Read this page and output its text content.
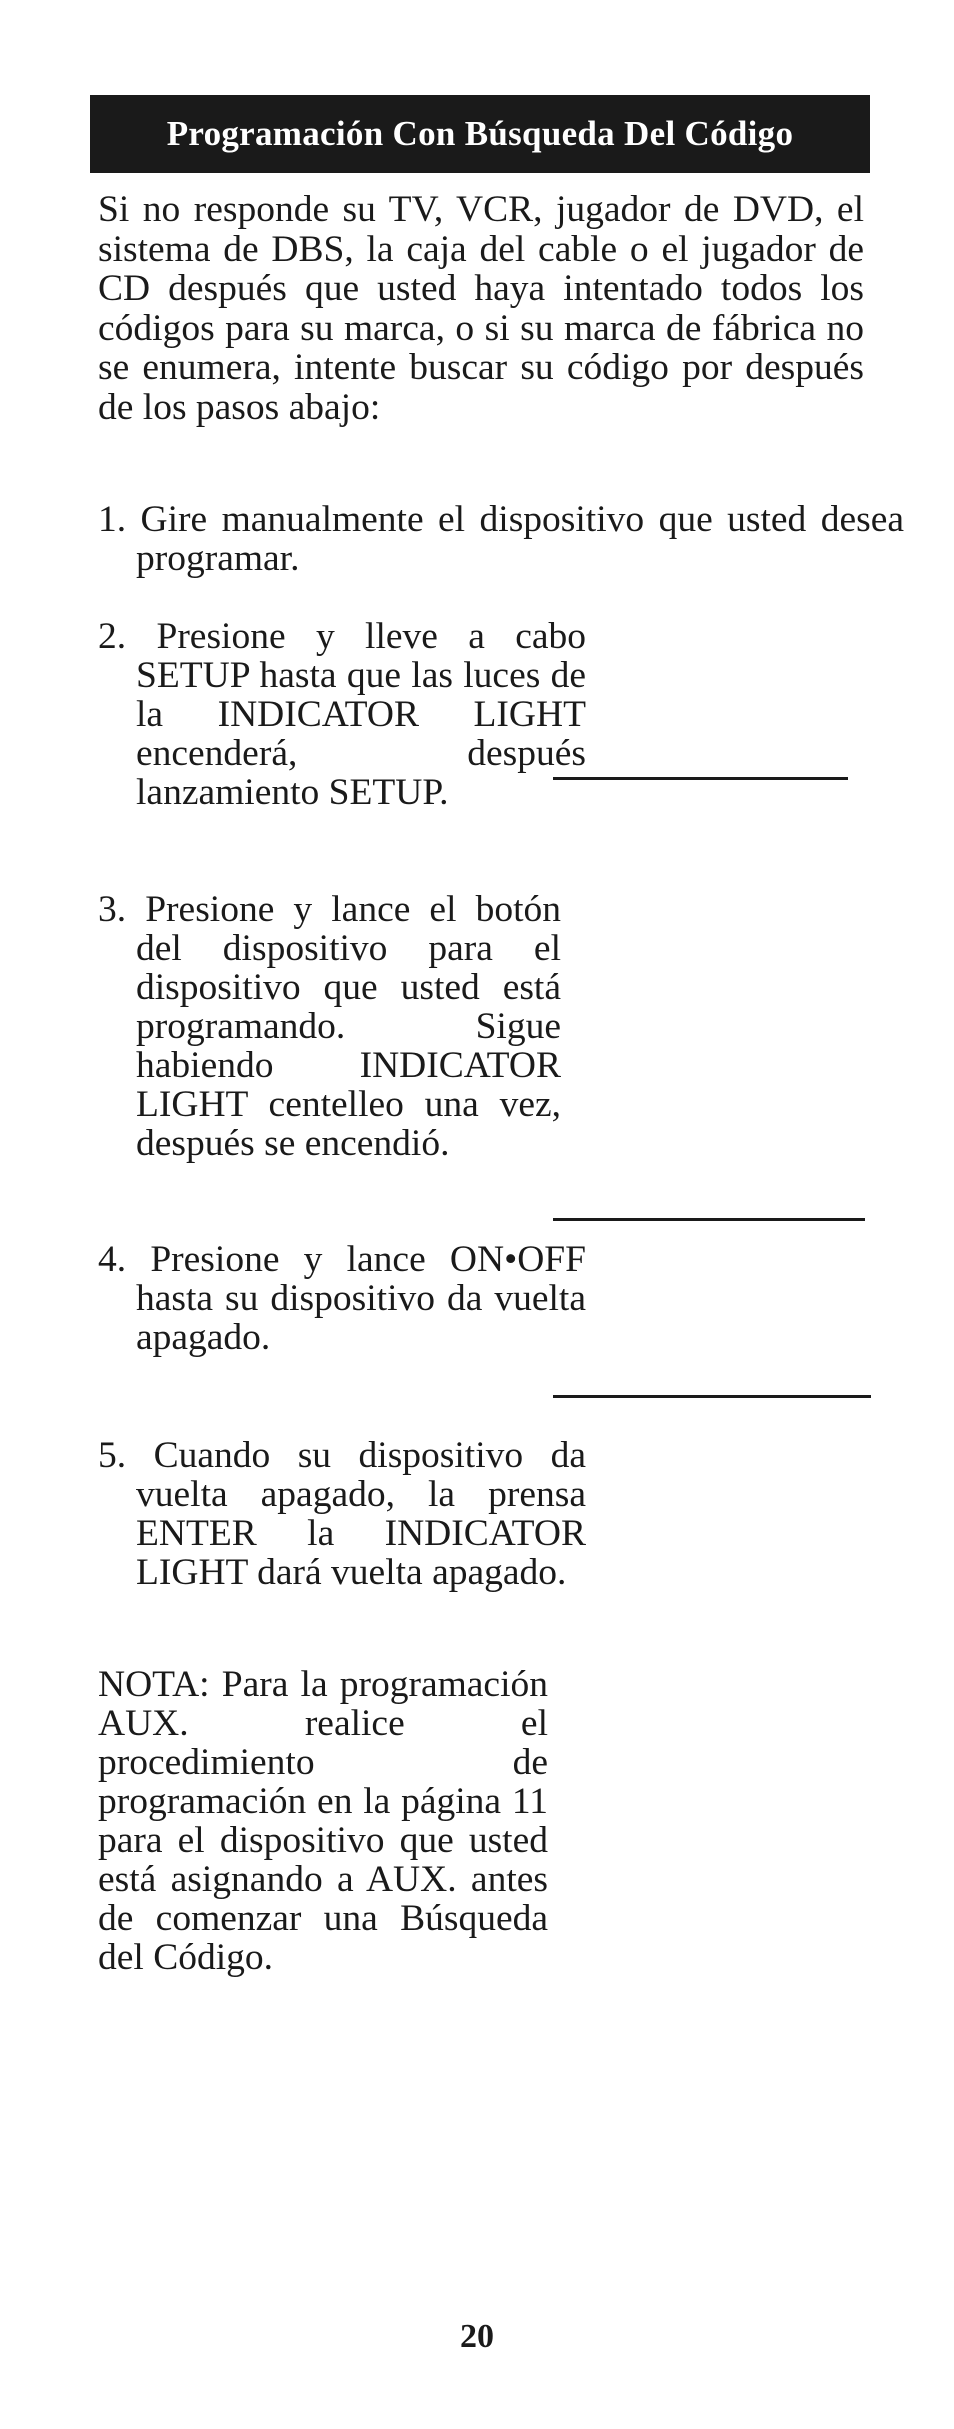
Programación Con Búsqueda Del Código

Si no responde su TV, VCR, jugador de DVD, el sistema de DBS, la caja del cable o el jugador de CD después que usted haya intentado todos los códigos para su marca, o si su marca de fábrica no se enumera, intente buscar su código por después de los pasos abajo:

1. Gire manualmente el dispositivo que usted desea programar.

2. Presione y lleve a cabo SETUP hasta que las luces de la INDICATOR LIGHT encenderá, después lanzamiento SETUP.

3. Presione y lance el botón del dispositivo para el dispositivo que usted está programando. Sigue habiendo INDICATOR LIGHT centelleo una vez, después se encendió.

4. Presione y lance ON•OFF hasta su dispositivo da vuelta apagado.

5. Cuando su dispositivo da vuelta apagado, la prensa ENTER la INDICATOR LIGHT dará vuelta apagado.

NOTA: Para la programación AUX. realice el procedimiento de programación en la página 11 para el dispositivo que usted está asignando a AUX. antes de comenzar una Búsqueda del Código.

20
